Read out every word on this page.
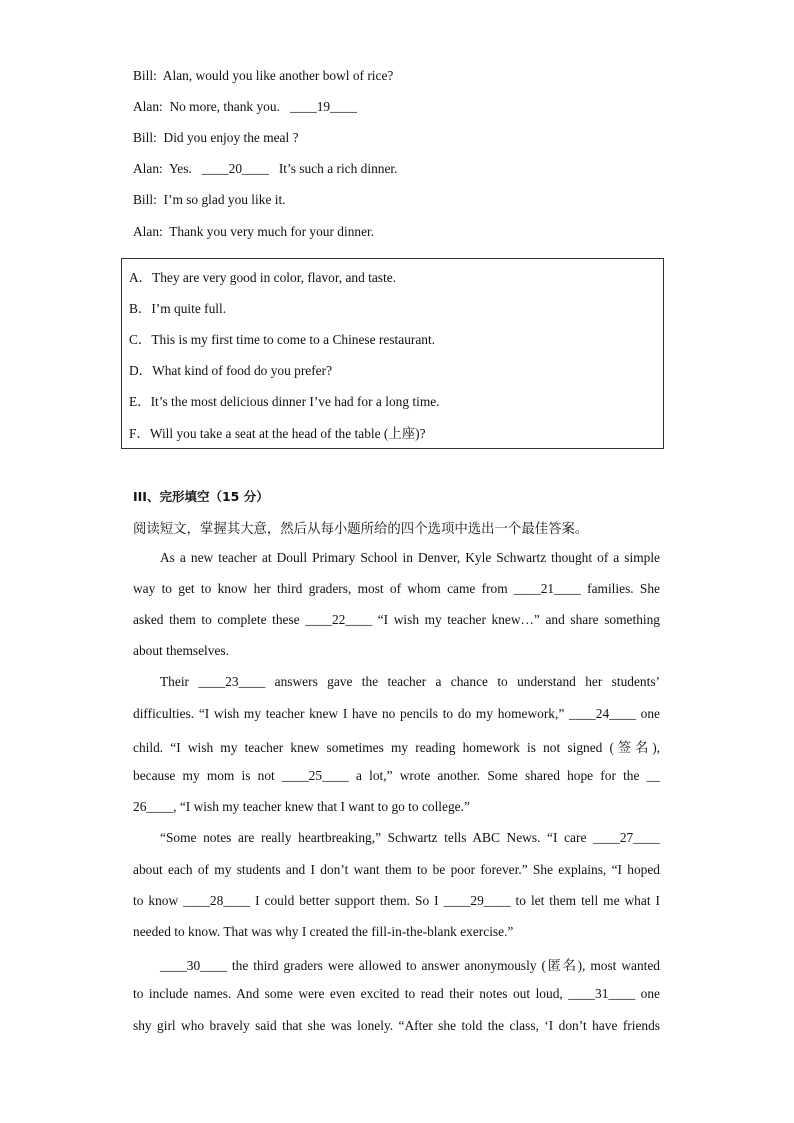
Bill: Alan, would you like another bowl of rice?
Alan: No more, thank you. ____19____
Bill: Did you enjoy the meal ?
Alan: Yes. ____20____ It’s such a rich dinner.
Bill: I’m so glad you like it.
Alan: Thank you very much for your dinner.
A．They are very good in color, flavor, and taste.
B．I’m quite full.
C．This is my first time to come to a Chinese restaurant.
D．What kind of food do you prefer?
E．It’s the most delicious dinner I’ve had for a long time.
F．Will you take a seat at the head of the table (上座)?
III、完形填空（15 分）
阅读短文，掌握其大意，然后从每小题所给的四个选项中选出一个最佳答案。
As a new teacher at Doull Primary School in Denver, Kyle Schwartz thought of a simple
way to get to know her third graders, most of whom came from ____21____ families. She
asked them to complete these ____22____ “I wish my teacher knew…” and share something
about themselves.
Their ____23____ answers gave the teacher a chance to understand her students’
difficulties. “I wish my teacher knew I have no pencils to do my homework,” ____24____ one
child. “I wish my teacher knew sometimes my reading homework is not signed (签名),
because my mom is not ____25____ a lot,” wrote another. Some shared hope for the __
26____, “I wish my teacher knew that I want to go to college.”
“Some notes are really heartbreaking,” Schwartz tells ABC News. “I care ____27____
about each of my students and I don’t want them to be poor forever.” She explains, “I hoped
to know ____28____ I could better support them. So I ____29____ to let them tell me what I
needed to know. That was why I created the fill-in-the-blank exercise.”
____30____ the third graders were allowed to answer anonymously (匿名), most wanted
to include names. And some were even excited to read their notes out loud, ____31____ one
shy girl who bravely said that she was lonely. “After she told the class, ‘I don’t have friends
